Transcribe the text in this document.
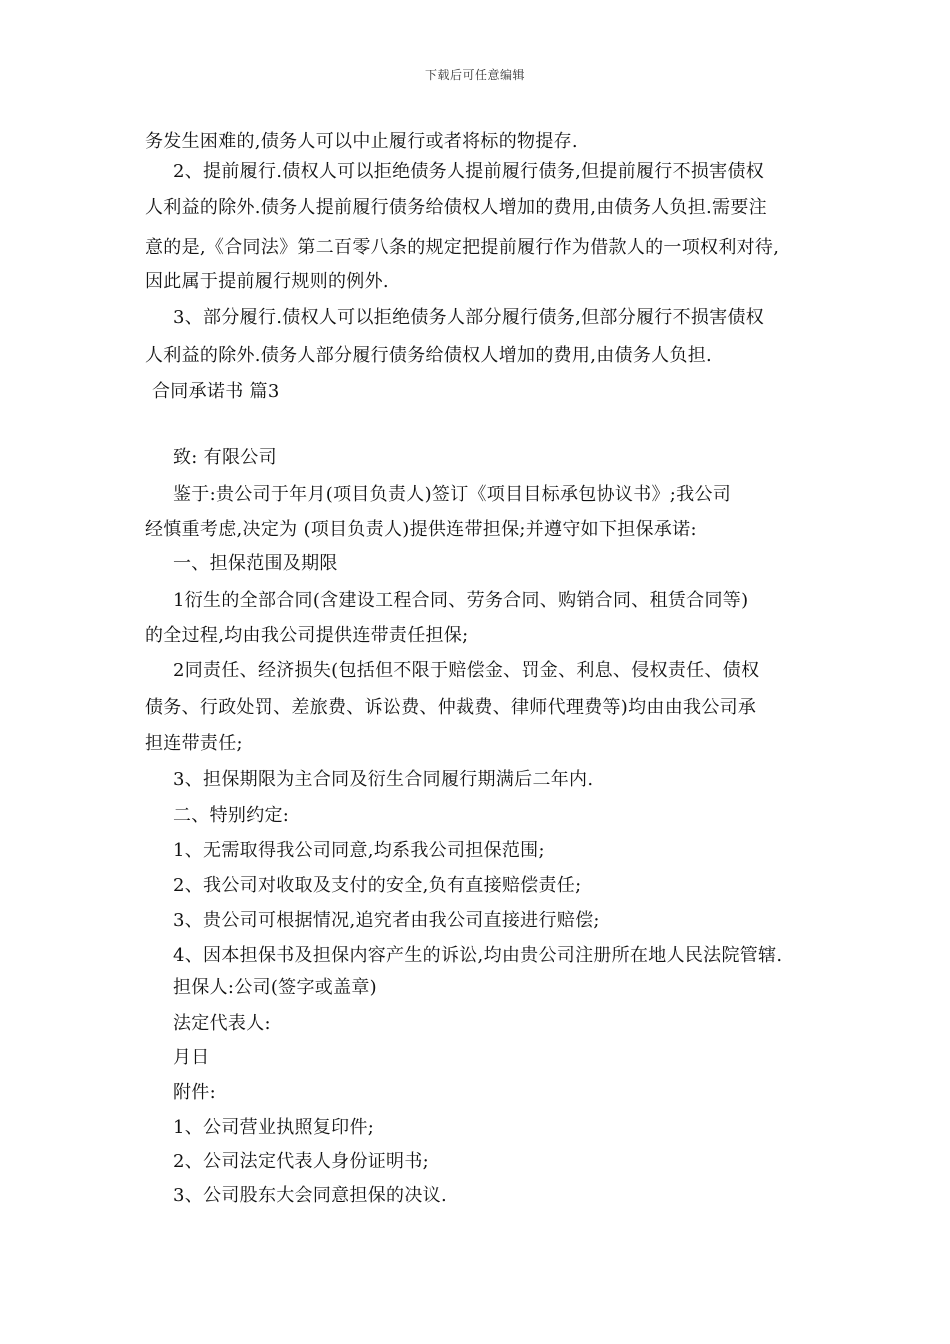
下载后可任意编辑
务发生困难的,债务人可以中止履行或者将标的物提存.
2、提前履行.债权人可以拒绝债务人提前履行债务,但提前履行不损害债权
人利益的除外.债务人提前履行债务给债权人增加的费用,由债务人负担.需要注
意的是,《合同法》第二百零八条的规定把提前履行作为借款人的一项权利对待,
因此属于提前履行规则的例外.
3、部分履行.债权人可以拒绝债务人部分履行债务,但部分履行不损害债权
人利益的除外.债务人部分履行债务给债权人增加的费用,由债务人负担.
合同承诺书 篇3
致: 有限公司
鉴于:贵公司于年月(项目负责人)签订《项目目标承包协议书》;我公司
经慎重考虑,决定为 (项目负责人)提供连带担保;并遵守如下担保承诺:
一、担保范围及期限
1衍生的全部合同(含建设工程合同、劳务合同、购销合同、租赁合同等)
的全过程,均由我公司提供连带责任担保;
2同责任、经济损失(包括但不限于赔偿金、罚金、利息、侵权责任、债权
债务、行政处罚、差旅费、诉讼费、仲裁费、律师代理费等)均由由我公司承
担连带责任;
3、担保期限为主合同及衍生合同履行期满后二年内.
二、特别约定:
1、无需取得我公司同意,均系我公司担保范围;
2、我公司对收取及支付的安全,负有直接赔偿责任;
3、贵公司可根据情况,追究者由我公司直接进行赔偿;
4、因本担保书及担保内容产生的诉讼,均由贵公司注册所在地人民法院管辖.
担保人:公司(签字或盖章)
法定代表人:
月日
附件:
1、公司营业执照复印件;
2、公司法定代表人身份证明书;
3、公司股东大会同意担保的决议.
